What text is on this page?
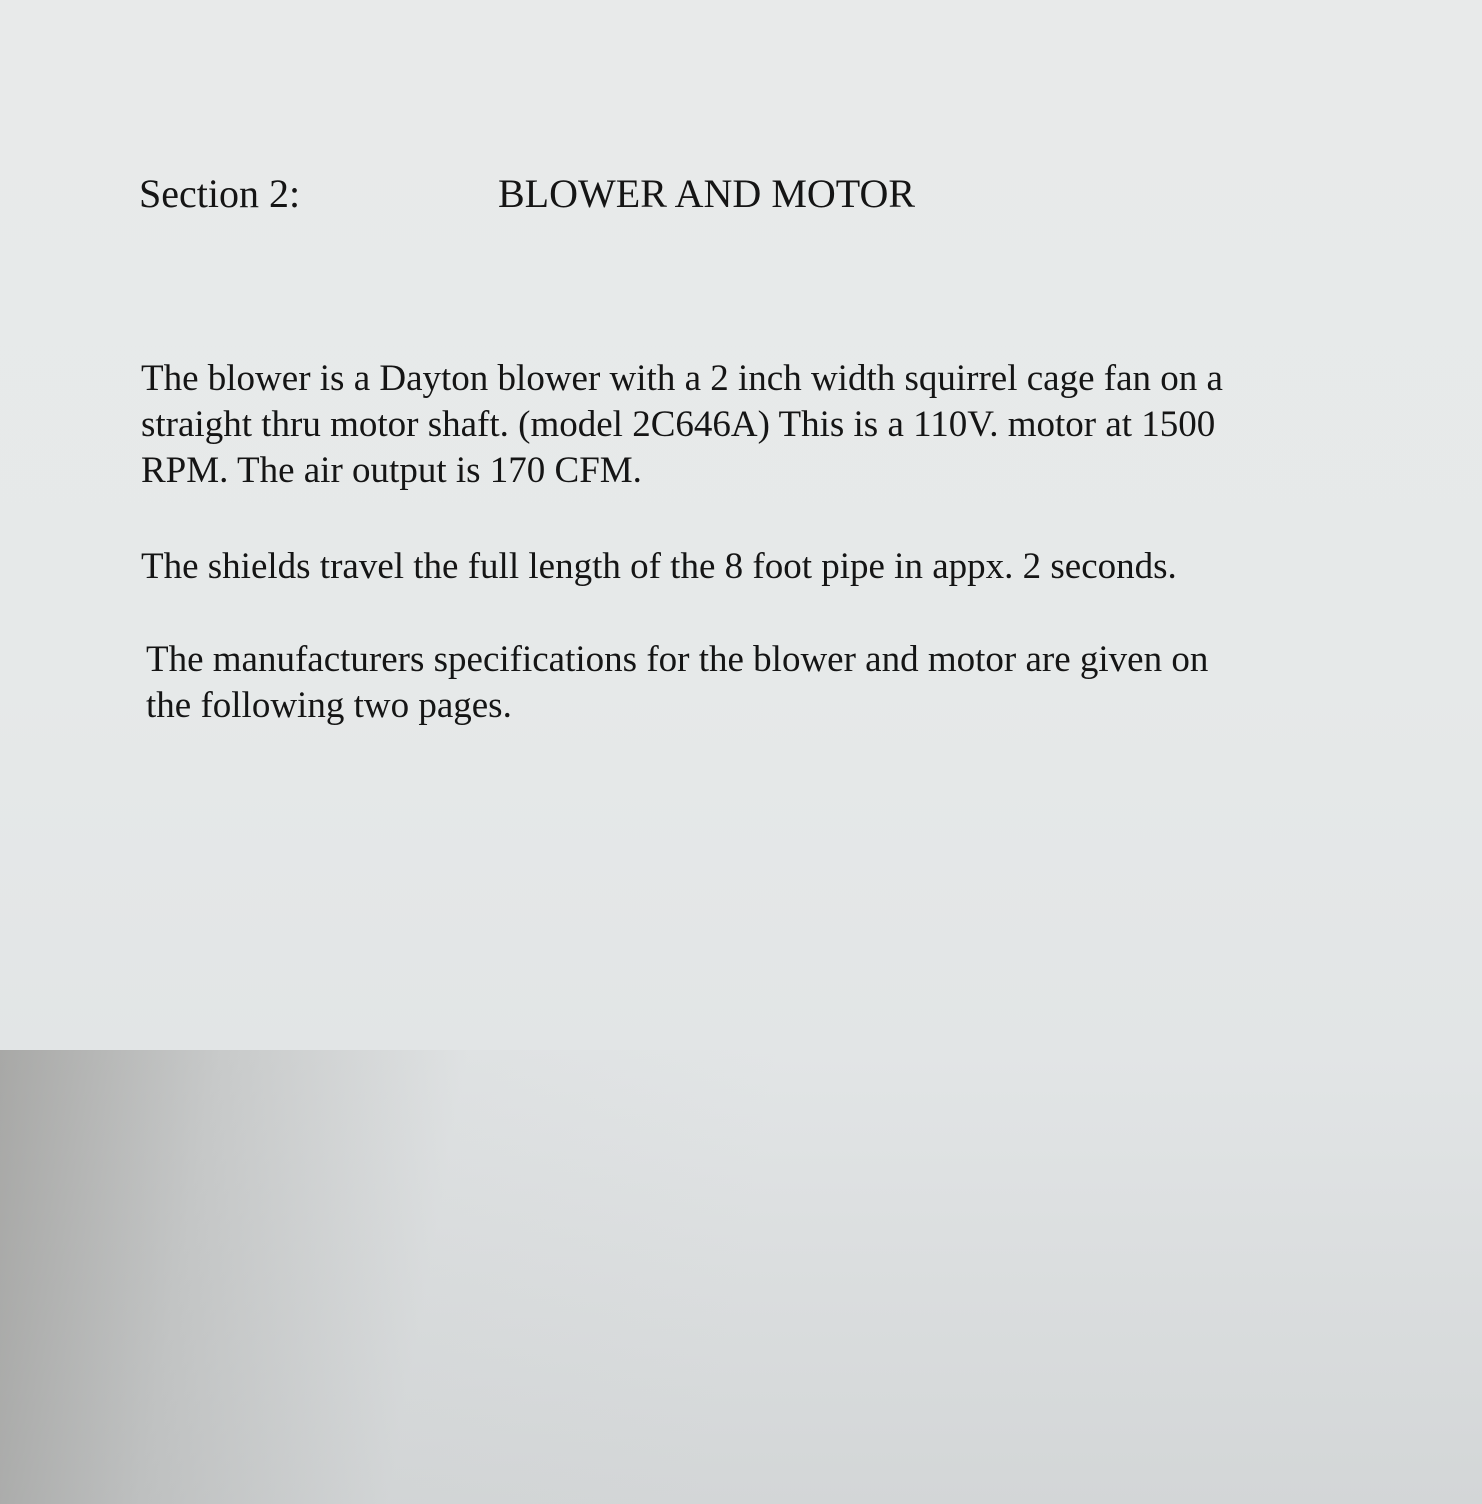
Section 2:	BLOWER AND MOTOR
The blower is a Dayton blower with a 2 inch width squirrel cage fan on a
straight thru motor shaft. (model 2C646A) This is a 110V. motor at 1500
RPM. The air output is 170 CFM.
The shields travel the full length of the 8 foot pipe in appx. 2 seconds.
The manufacturers specifications for the blower and motor are given on
the following two pages.
